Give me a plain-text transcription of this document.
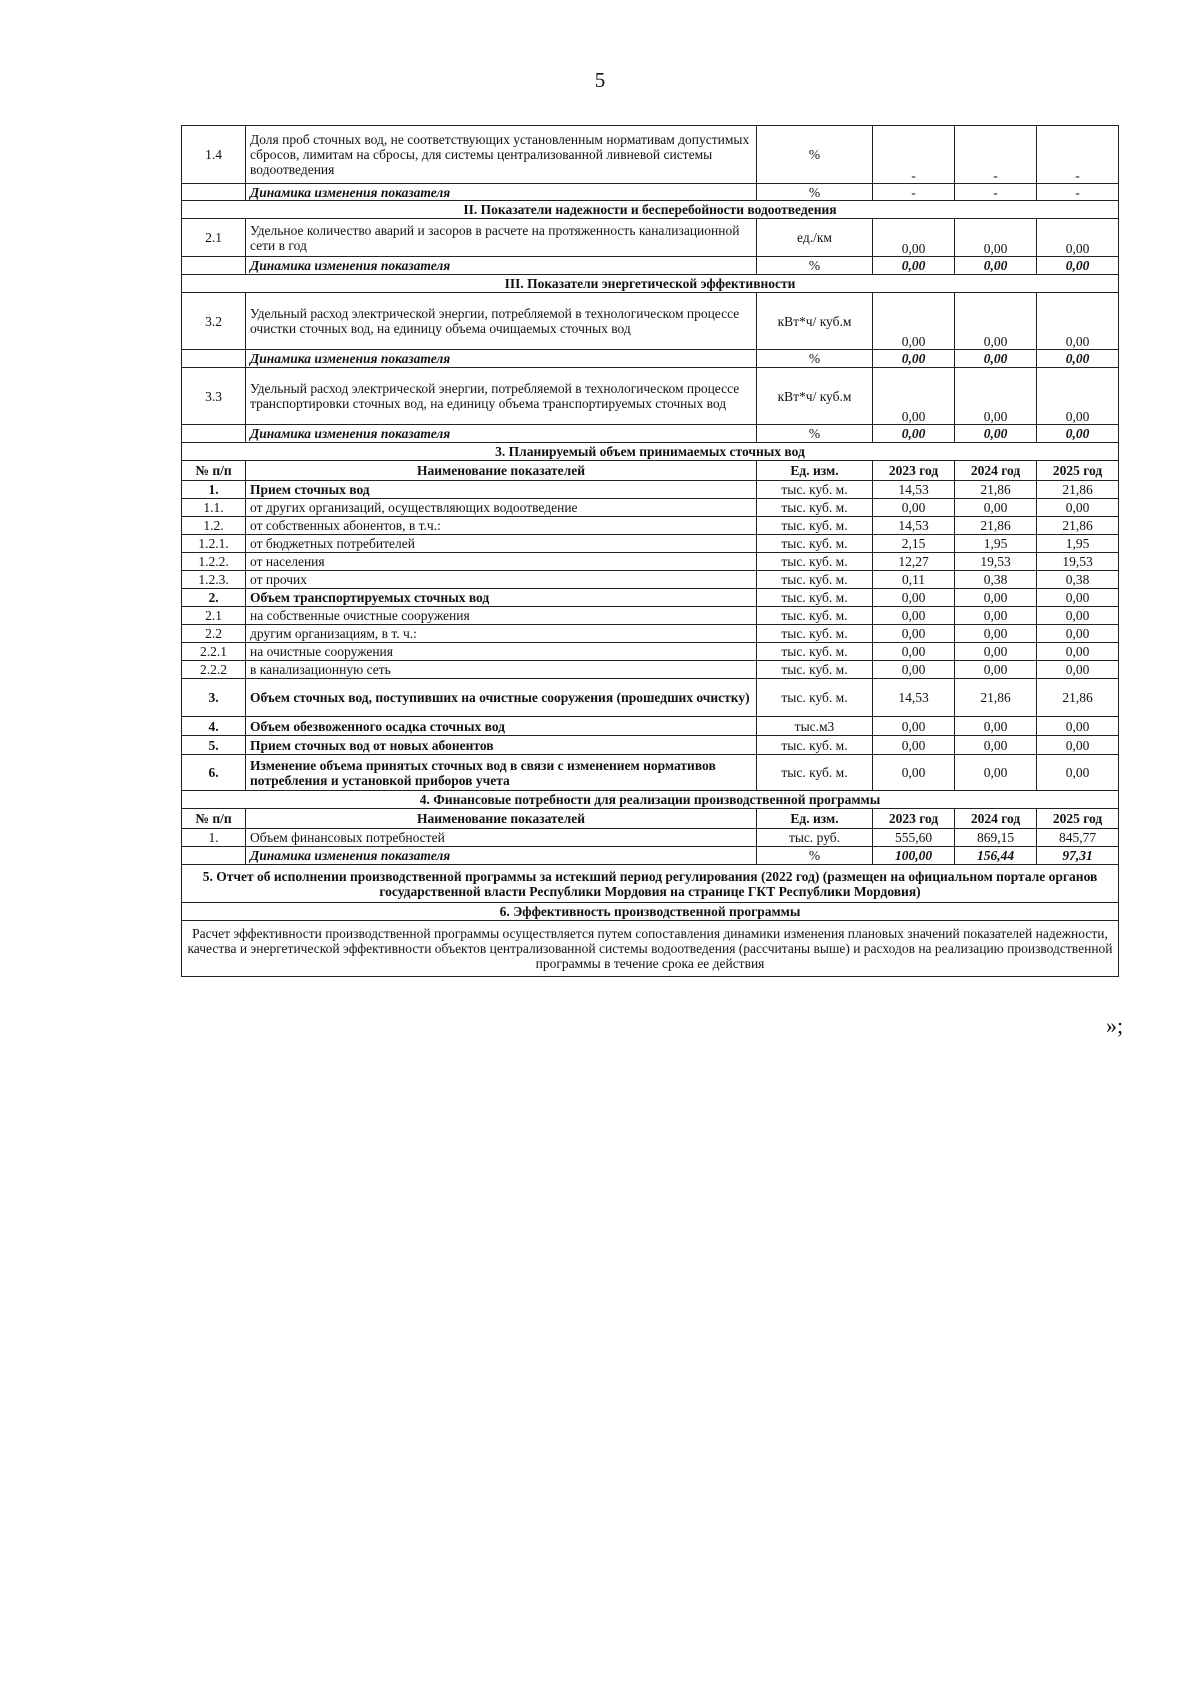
5
1.4	Доля проб сточных вод, не соответствующих установленным нормативам допустимых сбросов, лимитам на сбросы, для системы централизованной ливневой системы водоотведения	%	-	-	-
	Динамика изменения показателя	%	-	-	-
II. Показатели надежности и бесперебойности водоотведения					
2.1	Удельное количество аварий и засоров в расчете на протяженность канализационной сети в год	ед./км	0,00	0,00	0,00
	Динамика изменения показателя	%	0,00	0,00	0,00
III. Показатели энергетической эффективности					
3.2	Удельный расход электрической энергии, потребляемой в технологическом процессе очистки сточных вод, на единицу объема очищаемых сточных вод	кВт*ч/ куб.м	0,00	0,00	0,00
	Динамика изменения показателя	%	0,00	0,00	0,00
3.3	Удельный расход электрической энергии, потребляемой в технологическом процессе транспортировки сточных вод, на единицу объема транспортируемых сточных вод	кВт*ч/ куб.м	0,00	0,00	0,00
	Динамика изменения показателя	%	0,00	0,00	0,00
3. Планируемый объем принимаемых сточных вод					
№ п/п	Наименование показателей	Ед. изм.	2023 год	2024 год	2025 год
1.	Прием сточных вод	тыс. куб. м.	14,53	21,86	21,86
1.1.	от других организаций, осуществляющих водоотведение	тыс. куб. м.	0,00	0,00	0,00
1.2.	от собственных абонентов, в т.ч.:	тыс. куб. м.	14,53	21,86	21,86
1.2.1.	от бюджетных потребителей	тыс. куб. м.	2,15	1,95	1,95
1.2.2.	от населения	тыс. куб. м.	12,27	19,53	19,53
1.2.3.	от прочих	тыс. куб. м.	0,11	0,38	0,38
2.	Объем транспортируемых сточных вод	тыс. куб. м.	0,00	0,00	0,00
2.1	на собственные очистные сооружения	тыс. куб. м.	0,00	0,00	0,00
2.2	другим организациям, в т. ч.:	тыс. куб. м.	0,00	0,00	0,00
2.2.1	на очистные сооружения	тыс. куб. м.	0,00	0,00	0,00
2.2.2	в канализационную сеть	тыс. куб. м.	0,00	0,00	0,00
3.	Объем сточных вод, поступивших на очистные сооружения (прошедших очистку)	тыс. куб. м.	14,53	21,86	21,86
4.	Объем обезвоженного осадка сточных вод	тыс.м3	0,00	0,00	0,00
5.	Прием сточных вод от новых абонентов	тыс. куб. м.	0,00	0,00	0,00
6.	Изменение объема принятых сточных вод в связи с изменением нормативов потребления и установкой приборов учета	тыс. куб. м.	0,00	0,00	0,00
4. Финансовые потребности для реализации производственной программы					
№ п/п	Наименование показателей	Ед. изм.	2023 год	2024 год	2025 год
1.	Объем финансовых потребностей	тыс. руб.	555,60	869,15	845,77
	Динамика изменения показателя	%	100,00	156,44	97,31
5. Отчет об исполнении производственной программы за истекший период регулирования (2022 год) (размещен на официальном портале органов государственной власти Республики Мордовия на странице ГКТ Республики Мордовия)					
6. Эффективность производственной программы					
Расчет эффективности производственной программы осуществляется путем сопоставления динамики изменения плановых значений показателей надежности, качества и энергетической эффективности объектов централизованной системы водоотведения (рассчитаны выше) и расходов на реализацию производственной программы в течение срока ее действия					
»;
